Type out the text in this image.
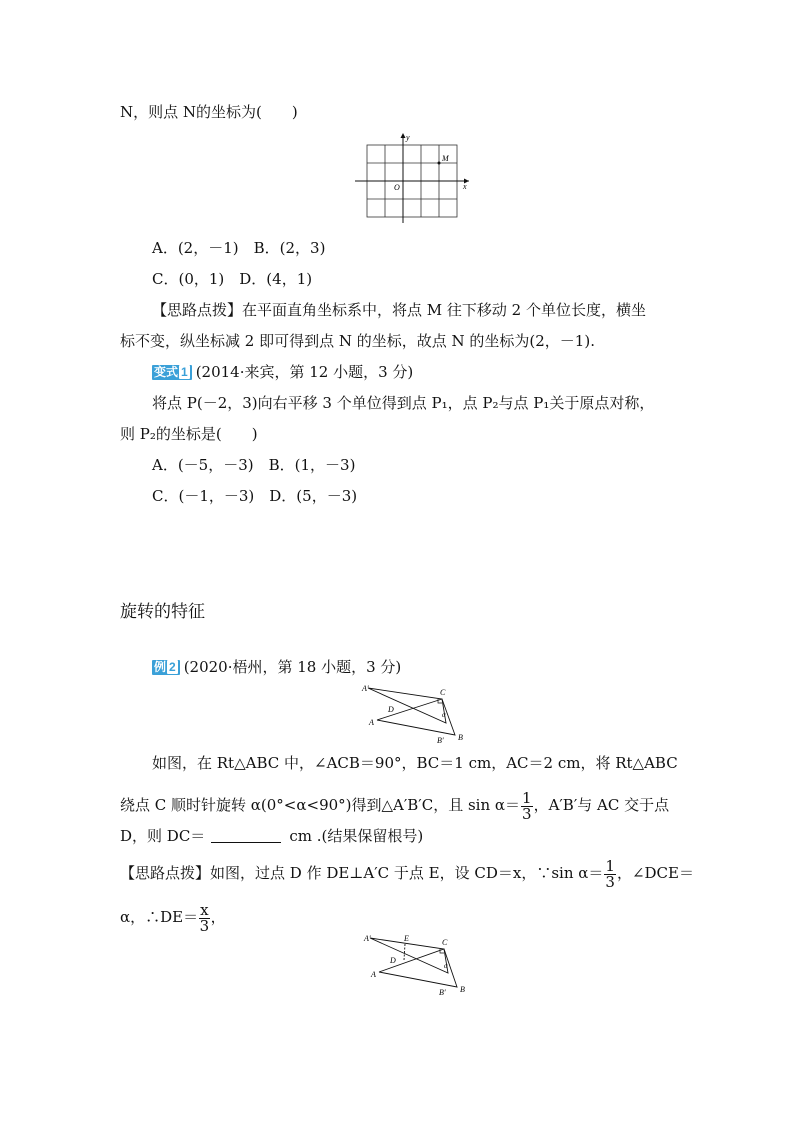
N，则点 N的坐标为(　　)
x
y
O
M
A．(2，－1)　B．(2，3)
C．(0，1)　D．(4，1)
【思路点拨】在平面直角坐标系中，将点 M 往下移动 2 个单位长度，横坐
标不变，纵坐标减 2 即可得到点 N 的坐标，故点 N 的坐标为(2，－1).
变式 1 (2014·来宾，第 12 小题，3 分)
将点 P(－2，3)向右平移 3 个单位得到点 P₁，点 P₂与点 P₁关于原点对称，
则 P₂的坐标是(　　)
A．(－5，－3)　B．(1，－3)
C．(－1，－3)　D．(5，－3)
旋转的特征
例 2 (2020·梧州，第 18 小题，3 分)
A′
A
B
B′
C
D
α
如图，在 Rt△ABC 中，∠ACB＝90°，BC＝1 cm，AC＝2 cm，将 Rt△ABC
绕点 C 顺时针旋转 α(0°<α<90°)得到△A′B′C，且 $\sin \alpha= \frac{1}{3}$ ，A′B′与 AC 交于点
D，则 DC＝	cm .(结果保留根号)
【思路点拨】如图，过点 D 作 DE⊥A′C 于点 E，设 CD＝x，∵sin $\alpha= \frac{1}{3}$ ，∠DCE＝
α，∴DE＝ $\frac{x}{3}$ ，
A′	E
A
B
B′
C
D
α
